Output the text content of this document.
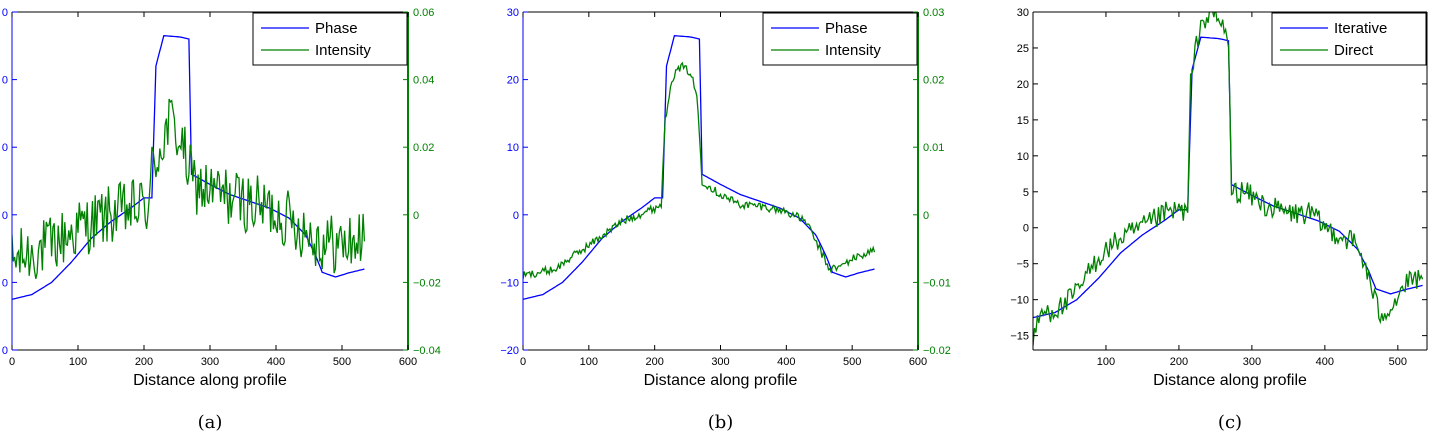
0	100	200	300	400	500	600
0
0
0
0
0
0
−0.04
−0.02
0
0.02
0.04
0.06
Distance along profile
(a)
Phase
Intensity
0	100	200	300	400	500	600
−20
−10
0
10
20
30
−0.02
−0.01
0
0.01
0.02
0.03
Distance along profile
(b)
Phase
Intensity
100	200	300	400	500
−15
−10
−5
0
5
10
15
20
25
30
Distance along profile
(c)
Iterative
Direct
